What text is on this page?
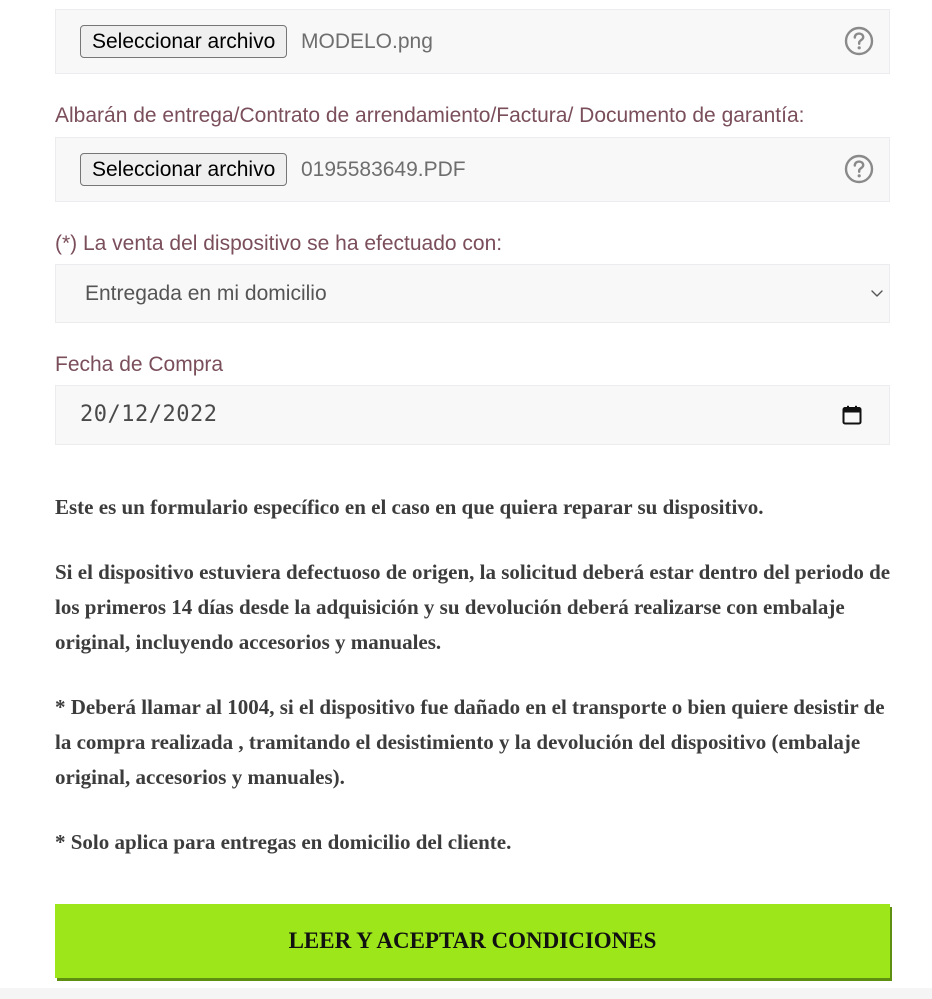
Seleccionar archivo	MODELO.png
Albarán de entrega/Contrato de arrendamiento/Factura/ Documento de garantía:
Seleccionar archivo	0195583649.PDF
(*) La venta del dispositivo se ha efectuado con:
Entregada en mi domicilio
Fecha de Compra
20/12/2022

Este es un formulario específico en el caso en que quiera reparar su dispositivo.

Si el dispositivo estuviera defectuoso de origen, la solicitud deberá estar dentro del periodo de los primeros 14 días desde la adquisición y su devolución deberá realizarse con embalaje original, incluyendo accesorios y manuales.

* Deberá llamar al 1004, si el dispositivo fue dañado en el transporte o bien quiere desistir de la compra realizada , tramitando el desistimiento y la devolución del dispositivo (embalaje original, accesorios y manuales).

* Solo aplica para entregas en domicilio del cliente.

LEER Y ACEPTAR CONDICIONES
